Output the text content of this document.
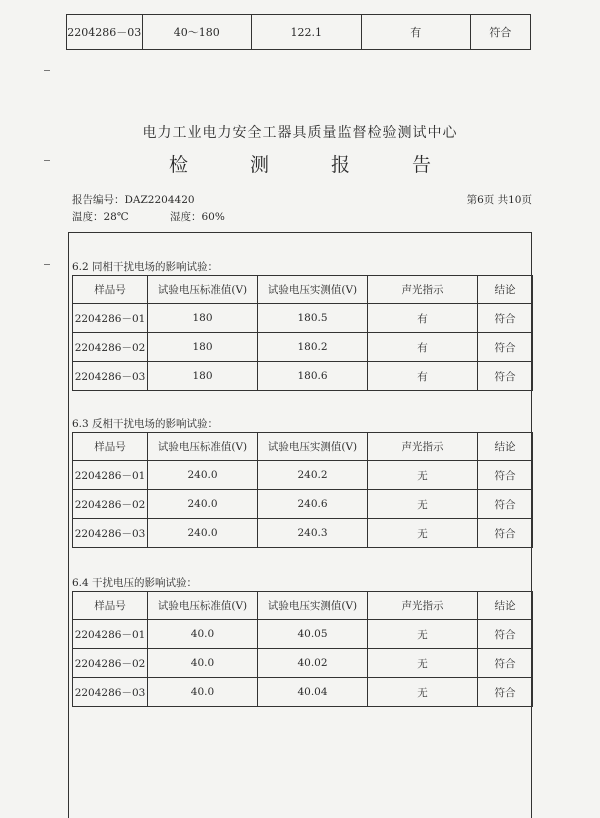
2204286－03	40～180	122.1	有	符合
电力工业电力安全工器具质量监督检验测试中心
检 测 报 告
报告编号：DAZ2204420	第6页 共10页
温度：28℃	湿度：60%
6.2 同相干扰电场的影响试验：
样品号	试验电压标准值(V)	试验电压实测值(V)	声光指示	结论
2204286－01	180	180.5	有	符合
2204286－02	180	180.2	有	符合
2204286－03	180	180.6	有	符合
6.3 反相干扰电场的影响试验：
样品号	试验电压标准值(V)	试验电压实测值(V)	声光指示	结论
2204286－01	240.0	240.2	无	符合
2204286－02	240.0	240.6	无	符合
2204286－03	240.0	240.3	无	符合
6.4 干扰电压的影响试验：
样品号	试验电压标准值(V)	试验电压实测值(V)	声光指示	结论
2204286－01	40.0	40.05	无	符合
2204286－02	40.0	40.02	无	符合
2204286－03	40.0	40.04	无	符合
